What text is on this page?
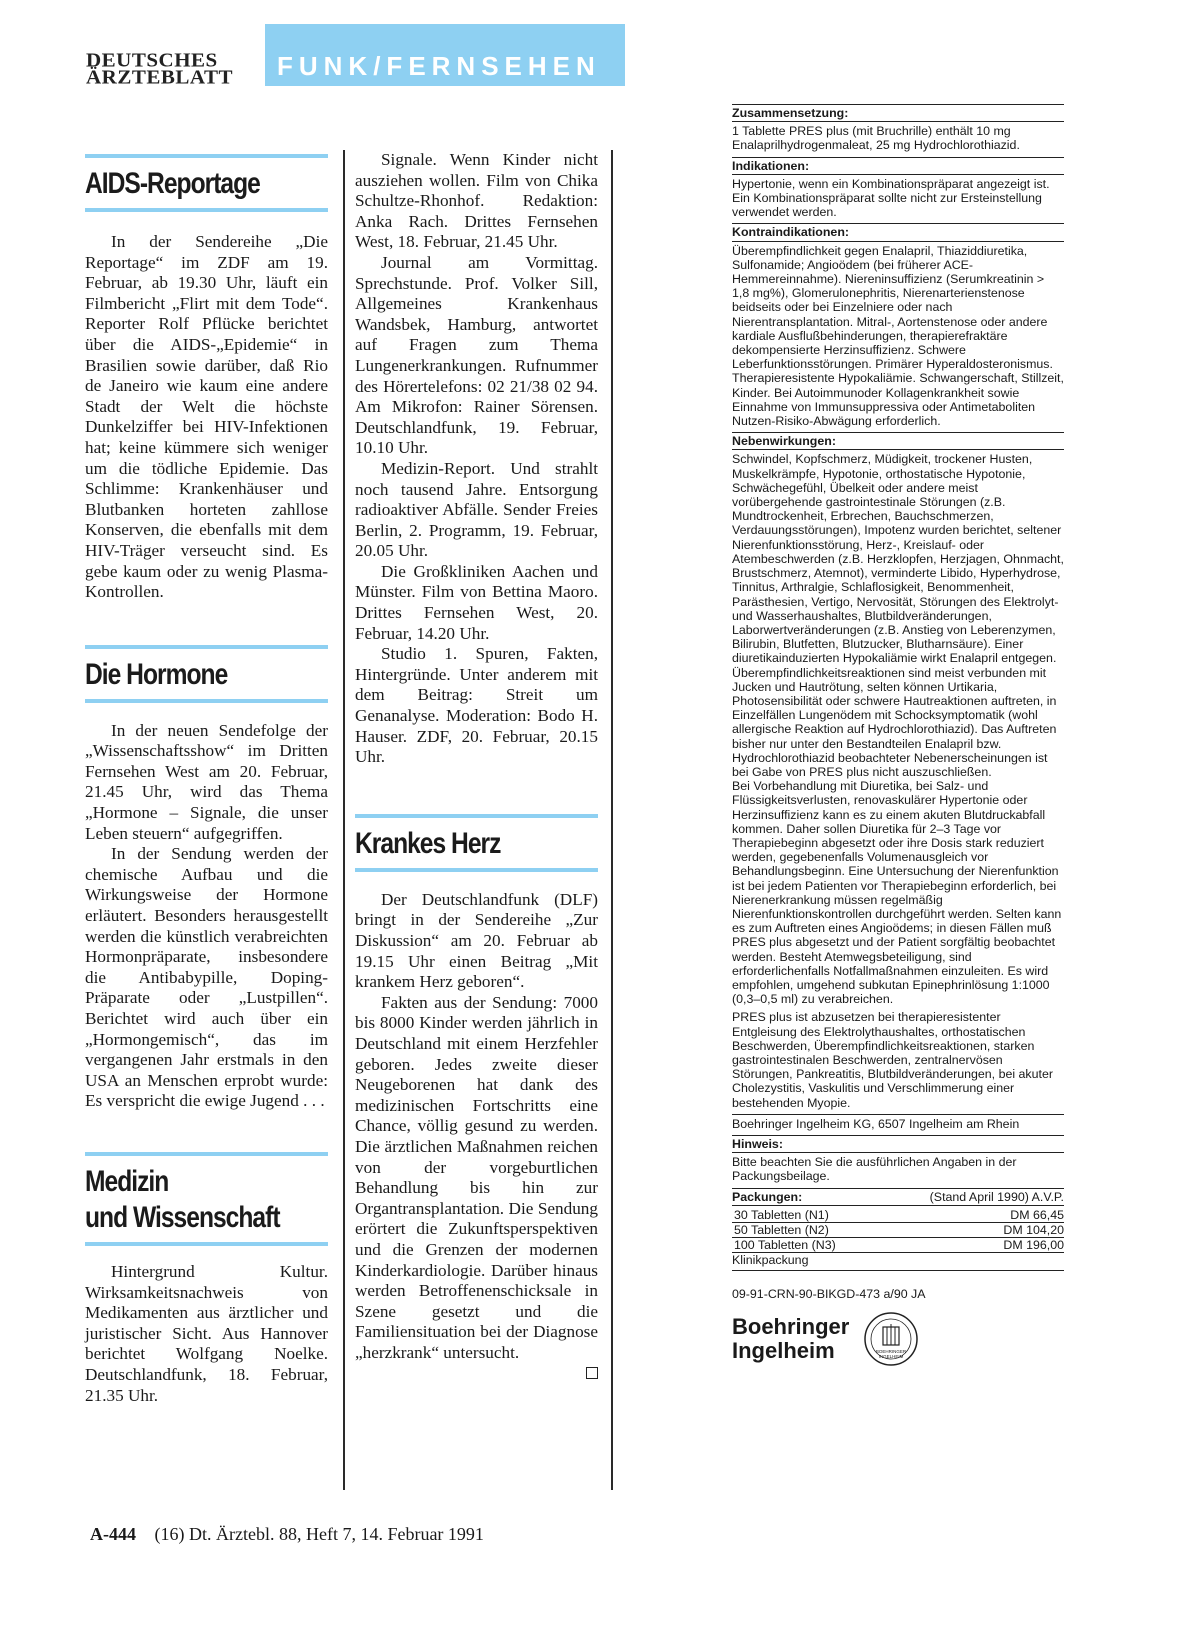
DEUTSCHES
ÄRZTEBLATT FUNK/FERNSEHEN
AIDS-Reportage

In der Sendereihe „Die Reportage“ im ZDF am 19. Februar, ab 19.30 Uhr, läuft ein Filmbericht „Flirt mit dem Tode“. Reporter Rolf Pflücke berichtet über die AIDS-„Epidemie“ in Brasilien sowie darüber, daß Rio de Janeiro wie kaum eine andere Stadt der Welt die höchste Dunkelziffer bei HIV-Infektionen hat; keine kümmere sich weniger um die tödliche Epidemie. Das Schlimme: Krankenhäuser und Blutbanken horteten zahllose Konserven, die ebenfalls mit dem HIV-Träger verseucht sind. Es gebe kaum oder zu wenig Plasma-Kontrollen.

Die Hormone

In der neuen Sendefolge der „Wissenschaftsshow“ im Dritten Fernsehen West am 20. Februar, 21.45 Uhr, wird das Thema „Hormone – Signale, die unser Leben steuern“ aufgegriffen.

In der Sendung werden der chemische Aufbau und die Wirkungsweise der Hormone erläutert. Besonders herausgestellt werden die künstlich verabreichten Hormonpräparate, insbesondere die Antibabypille, Doping-Präparate oder „Lustpillen“. Berichtet wird auch über ein „Hormongemisch“, das im vergangenen Jahr erstmals in den USA an Menschen erprobt wurde: Es verspricht die ewige Jugend . . .

Medizin
und Wissenschaft

Hintergrund Kultur. Wirksamkeitsnachweis von Medikamenten aus ärztlicher und juristischer Sicht. Aus Hannover berichtet Wolfgang Noelke. Deutschlandfunk, 18. Februar, 21.35 Uhr.

Signale. Wenn Kinder nicht ausziehen wollen. Film von Chika Schultze-Rhonhof. Redaktion: Anka Rach. Drittes Fernsehen West, 18. Februar, 21.45 Uhr.

Journal am Vormittag. Sprechstunde. Prof. Volker Sill, Allgemeines Krankenhaus Wandsbek, Hamburg, antwortet auf Fragen zum Thema Lungenerkrankungen. Rufnummer des Hörertelefons: 02 21/38 02 94. Am Mikrofon: Rainer Sörensen. Deutschlandfunk, 19. Februar, 10.10 Uhr.

Medizin-Report. Und strahlt noch tausend Jahre. Entsorgung radioaktiver Abfälle. Sender Freies Berlin, 2. Programm, 19. Februar, 20.05 Uhr.

Die Großkliniken Aachen und Münster. Film von Bettina Maoro. Drittes Fernsehen West, 20. Februar, 14.20 Uhr.

Studio 1. Spuren, Fakten, Hintergründe. Unter anderem mit dem Beitrag: Streit um Genanalyse. Moderation: Bodo H. Hauser. ZDF, 20. Februar, 20.15 Uhr.

Krankes Herz

Der Deutschlandfunk (DLF) bringt in der Sendereihe „Zur Diskussion“ am 20. Februar ab 19.15 Uhr einen Beitrag „Mit krankem Herz geboren“.

Fakten aus der Sendung: 7000 bis 8000 Kinder werden jährlich in Deutschland mit einem Herzfehler geboren. Jedes zweite dieser Neugeborenen hat dank des medizinischen Fortschritts eine Chance, völlig gesund zu werden. Die ärztlichen Maßnahmen reichen von der vorgeburtlichen Behandlung bis hin zur Organtransplantation. Die Sendung erörtert die Zukunftsperspektiven und die Grenzen der modernen Kinderkardiologie. Darüber hinaus werden Betroffenenschicksale in Szene gesetzt und die Familiensituation bei der Diagnose „herzkrank“ untersucht.

Zusammensetzung:

1 Tablette PRES plus (mit Bruchrille) enthält 10 mg Enalaprilhydrogenmaleat, 25 mg Hydrochlorothiazid.

Indikationen:

Hypertonie, wenn ein Kombinationspräparat angezeigt ist. Ein Kombinationspräparat sollte nicht zur Ersteinstellung verwendet werden.

Kontraindikationen:

Überempfindlichkeit gegen Enalapril, Thiaziddiuretika, Sulfonamide; Angioödem (bei früherer ACE-Hemmereinnahme). Niereninsuffizienz (Serumkreatinin > 1,8 mg%), Glomerulonephritis, Nierenarterienstenose beidseits oder bei Einzelniere oder nach Nierentransplantation. Mitral-, Aortenstenose oder andere kardiale Ausflußbehinderungen, therapierefraktäre dekompensierte Herzinsuffizienz. Schwere Leberfunktionsstörungen. Primärer Hyperaldosteronismus. Therapieresistente Hypokaliämie. Schwangerschaft, Stillzeit, Kinder. Bei Autoimmunoder Kollagenkrankheit sowie Einnahme von Immunsuppressiva oder Antimetaboliten Nutzen-Risiko-Abwägung erforderlich.

Nebenwirkungen:

Schwindel, Kopfschmerz, Müdigkeit, trockener Husten, Muskelkrämpfe, Hypotonie, orthostatische Hypotonie, Schwächegefühl, Übelkeit oder andere meist vorübergehende gastrointestinale Störungen (z.B. Mundtrockenheit, Erbrechen, Bauchschmerzen, Verdauungsstörungen), Impotenz wurden berichtet, seltener Nierenfunktionsstörung, Herz-, Kreislauf- oder Atembeschwerden (z.B. Herzklopfen, Herzjagen, Ohnmacht, Brustschmerz, Atemnot), verminderte Libido, Hyperhydrose, Tinnitus, Arthralgie, Schlaflosigkeit, Benommenheit, Parästhesien, Vertigo, Nervosität, Störungen des Elektrolyt- und Wasserhaushaltes, Blutbildveränderungen, Laborwertveränderungen (z.B. Anstieg von Leberenzymen, Bilirubin, Blutfetten, Blutzucker, Blutharnsäure). Einer diuretikainduzierten Hypokaliämie wirkt Enalapril entgegen. Überempfindlichkeitsreaktionen sind meist verbunden mit Jucken und Hautrötung, selten können Urtikaria, Photosensibilität oder schwere Hautreaktionen auftreten, in Einzelfällen Lungenödem mit Schocksymptomatik (wohl allergische Reaktion auf Hydrochlorothiazid). Das Auftreten bisher nur unter den Bestandteilen Enalapril bzw. Hydrochlorothiazid beobachteter Nebenerscheinungen ist bei Gabe von PRES plus nicht auszuschließen.

Bei Vorbehandlung mit Diuretika, bei Salz- und Flüssigkeitsverlusten, renovaskulärer Hypertonie oder Herzinsuffizienz kann es zu einem akuten Blutdruckabfall kommen. Daher sollen Diuretika für 2–3 Tage vor Therapiebeginn abgesetzt oder ihre Dosis stark reduziert werden, gegebenenfalls Volumenausgleich vor Behandlungsbeginn. Eine Untersuchung der Nierenfunktion ist bei jedem Patienten vor Therapiebeginn erforderlich, bei Nierenerkrankung müssen regelmäßig Nierenfunktionskontrollen durchgeführt werden. Selten kann es zum Auftreten eines Angioödems; in diesen Fällen muß PRES plus abgesetzt und der Patient sorgfältig beobachtet werden. Besteht Atemwegsbeteiligung, sind erforderlichenfalls Notfallmaßnahmen einzuleiten. Es wird empfohlen, umgehend subkutan Epinephrinlösung 1:1000 (0,3–0,5 ml) zu verabreichen.

PRES plus ist abzusetzen bei therapieresistenter Entgleisung des Elektrolythaushaltes, orthostatischen Beschwerden, Überempfindlichkeitsreaktionen, starken gastrointestinalen Beschwerden, zentralnervösen Störungen, Pankreatitis, Blutbildveränderungen, bei akuter Cholezystitis, Vaskulitis und Verschlimmerung einer bestehenden Myopie.

Boehringer Ingelheim KG, 6507 Ingelheim am Rhein
Hinweis:

Bitte beachten Sie die ausführlichen Angaben in der Packungsbeilage.

Packungen:	(Stand April 1990) A.V.P.
30 Tabletten (N1)	DM 66,45
50 Tabletten (N2)	DM 104,20
100 Tabletten (N3)	DM 196,00
Klinikpackung
09-91-CRN-90-BIKGD-473 a/90 JA
Boehringer
Ingelheim	BOEHRINGER
INGELHEIM
A-444 (16) Dt. Ärztebl. 88, Heft 7, 14. Februar 1991
